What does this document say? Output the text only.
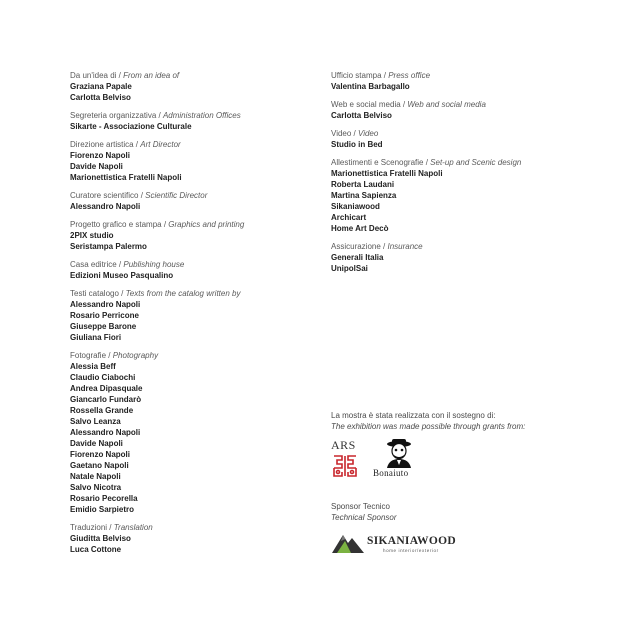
Da un'idea di / From an idea of
Graziana Papale
Carlotta Belviso
Segreteria organizzativa / Administration Offices
Sikarte - Associazione Culturale
Direzione artistica / Art Director
Fiorenzo Napoli
Davide Napoli
Marionettistica Fratelli Napoli
Curatore scientifico / Scientific Director
Alessandro Napoli
Progetto grafico e stampa / Graphics and printing
2PIX studio
Seristampa Palermo
Casa editrice / Publishing house
Edizioni Museo Pasqualino
Testi catalogo / Texts from the catalog written by
Alessandro Napoli
Rosario Perricone
Giuseppe Barone
Giuliana Fiori
Fotografie / Photography
Alessia Beff
Claudio Ciabochi
Andrea Dipasquale
Giancarlo Fundarò
Rossella Grande
Salvo Leanza
Alessandro Napoli
Davide Napoli
Fiorenzo Napoli
Gaetano Napoli
Natale Napoli
Salvo Nicotra
Rosario Pecorella
Emidio Sarpietro
Traduzioni / Translation
Giuditta Belviso
Luca Cottone
Ufficio stampa / Press office
Valentina Barbagallo
Web e social media / Web and social media
Carlotta Belviso
Video / Video
Studio in Bed
Allestimenti e Scenografie / Set-up and Scenic design
Marionettistica Fratelli Napoli
Roberta Laudani
Martina Sapienza
Sikaniawood
Archicart
Home Art Decò
Assicurazione / Insurance
Generali Italia
UnipolSai
La mostra è stata realizzata con il sostegno di:
The exhibition was made possible through grants from:
ARS
Bonaiuto
Sponsor Tecnico
Technical Sponsor
SIKANIAWOOD
home interior/exterior
